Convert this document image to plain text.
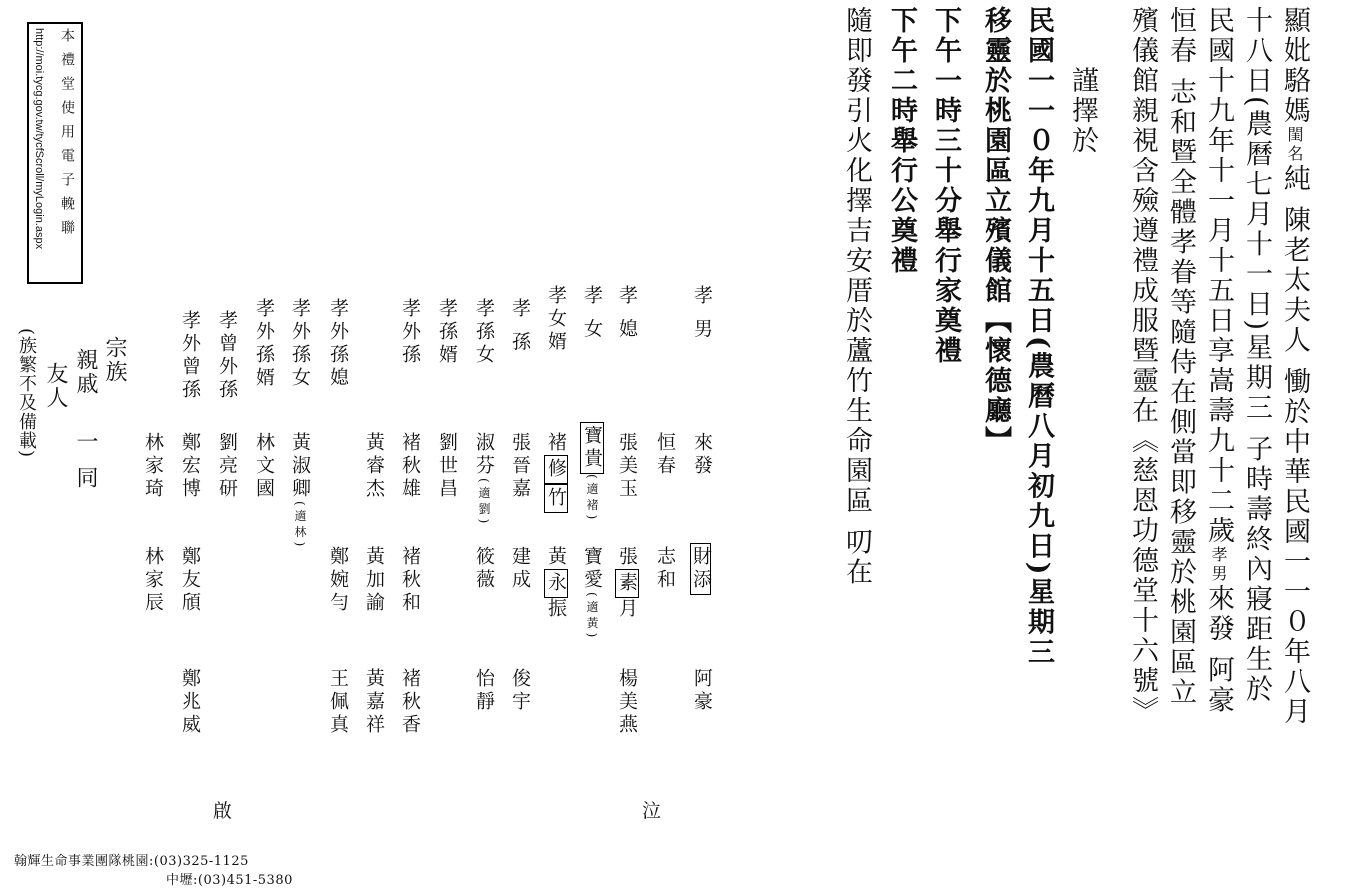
顯妣駱媽閨名純 陳老太夫人 慟於中華民國一一０年八月
十八日(農曆七月十一日)星期三 子時壽終內寢距生於
民國十九年十一月十五日享嵩壽九十二歲孝男來發 阿豪
恒春 志和暨全體孝眷等隨侍在側當即移靈於桃園區立
殯儀館親視含殮遵禮成服暨靈在《慈恩功德堂十六號》
謹擇於
民國一一０年九月十五日(農曆八月初九日)星期三
移靈於桃園區立殯儀館【懷德廳】
下午一時三十分舉行家奠禮
下午二時舉行公奠禮
隨即發引火化擇吉安厝於蘆竹生命園區 叨在
孝 男
來發
財添
阿豪
恒春
志和
孝 媳
張美玉
張素月
楊美燕
孝 女
寶貴(適褚)
寶愛(適黃)
孝女婿
褚修竹
黃永振
孝 孫
張晉嘉
建成
俊宇
孝孫女
淑芬(適劉)
筱薇
怡靜
孝孫婿
劉世昌
孝外孫
褚秋雄
褚秋和
褚秋香
黃睿杰
黃加諭
黃嘉祥
孝外孫媳
鄭婉勻
王佩真
孝外孫女
黃淑卿(適林)
孝外孫婿
林文國
孝曾外孫
劉亮研
孝外曾孫
鄭宏博
鄭友頎
鄭兆威
林家琦
林家辰
宗族
親戚
一同
友人
(族繁不及備載)
啟	泣
本禮堂使用電子輓聯
http://moi.tycg.gov.tw/tycfScroll/myLogin.aspx
翰輝生命事業團隊桃園:(03)325-1125
中壢:(03)451-5380
